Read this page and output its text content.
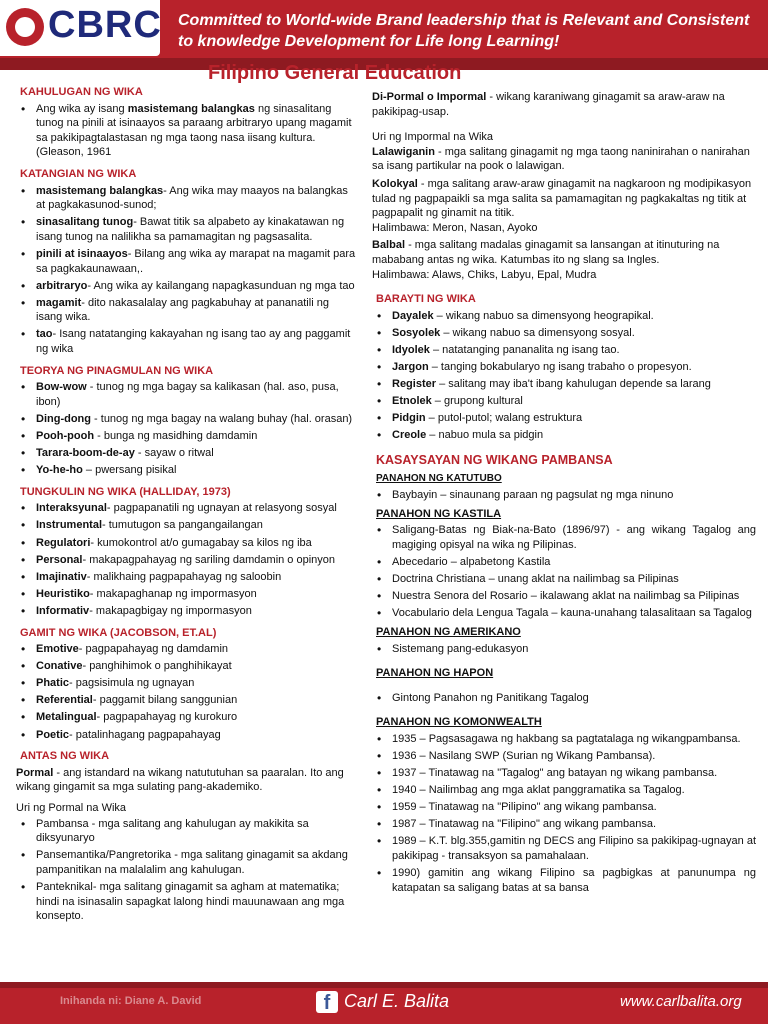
CBRC Committed to World-wide Brand leadership that is Relevant and Consistent
to knowledge Development for Life long Learning!
Filipino General Education
KAHULUGAN NG WIKA
• Ang wika ay isang masistemang balangkas ng sinasalitang tunog na pinili at isinaayos sa paraang arbitraryo upang magamit sa pakikipagtalastasan ng mga taong nasa iisang kultura. (Gleason, 1961
KATANGIAN NG WIKA
• masistemang balangkas- Ang wika may maayos na balangkas at pagkakasunod-sunod;
• sinasalitang tunog- Bawat titik sa alpabeto ay kinakatawan ng isang tunog na nalilikha sa pamamagitan ng pagsasalita.
• pinili at isinaayos- Bilang ang wika ay marapat na magamit para sa pagkakaunawaan,.
• arbitraryo- Ang wika ay kailangang napagkasunduan ng mga tao
• magamit- dito nakasalalay ang pagkabuhay at pananatili ng isang wika.
• tao- Isang natatanging kakayahan ng isang tao ay ang paggamit ng wika
TEORYA NG PINAGMULAN NG WIKA
• Bow-wow - tunog ng mga bagay sa kalikasan (hal. aso, pusa, ibon)
• Ding-dong - tunog ng mga bagay na walang buhay (hal. orasan)
• Pooh-pooh - bunga ng masidhing damdamin
• Tarara-boom-de-ay - sayaw o ritwal
• Yo-he-ho – pwersang pisikal
TUNGKULIN NG WIKA (HALLIDAY, 1973)
• Interaksyunal- pagpapanatili ng ugnayan at relasyong sosyal
• Instrumental- tumutugon sa pangangailangan
• Regulatori- kumokontrol at/o gumagabay sa kilos ng iba
• Personal- makapagpahayag ng sariling damdamin o opinyon
• Imajinativ- malikhaing pagpapahayag ng saloobin
• Heuristiko- makapaghanap ng impormasyon
• Informativ- makapagbigay ng impormasyon
GAMIT NG WIKA (JACOBSON, ET.AL)
• Emotive- pagpapahayag ng damdamin
• Conative- panghihimok o panghihikayat
• Phatic- pagsisimula ng ugnayan
• Referential- paggamit bilang sanggunian
• Metalingual- pagpapahayag ng kurokuro
• Poetic- patalinhagang pagpapahayag
ANTAS NG WIKA

Pormal - ang istandard na wikang natututuhan sa paaralan. Ito ang wikang gingamit sa mga sulating pang-akademiko.

Uri ng Pormal na Wika
• Pambansa - mga salitang ang kahulugan ay makikita sa diksyunaryo
• Pansemantika/Pangretorika - mga salitang ginagamit sa akdang pampanitikan na malalalim ang kahulugan.
• Panteknikal- mga salitang ginagamit sa agham at matematika; hindi na isinasalin sapagkat lalong hindi mauunawaan ang mga konsepto.

Di-Pormal o Impormal - wikang karaniwang ginagamit sa araw-araw na pakikipag-usap.

Uri ng Impormal na Wika

Lalawiganin - mga salitang ginagamit ng mga taong naninirahan o nanirahan sa isang partikular na pook o lalawigan.

Kolokyal - mga salitang araw-araw ginagamit na nagkaroon ng modipikasyon tulad ng pagpapaikli sa mga salita sa pamamagitan ng pagkakaltas ng titik at pagpapalit ng ginamit na titik.

Halimbawa: Meron, Nasan, Ayoko

Balbal - mga salitang madalas ginagamit sa lansangan at itinuturing na mababang antas ng wika. Katumbas ito ng slang sa Ingles.

Halimbawa: Alaws, Chiks, Labyu, Epal, Mudra

BARAYTI NG WIKA
• Dayalek – wikang nabuo sa dimensyong heograpikal.
• Sosyolek – wikang nabuo sa dimensyong sosyal.
• Idyolek – natatanging pananalita ng isang tao.
• Jargon – tanging bokabularyo ng isang trabaho o propesyon.
• Register – salitang may iba't ibang kahulugan depende sa larang
• Etnolek – grupong kultural
• Pidgin – putol-putol; walang estruktura
• Creole – nabuo mula sa pidgin
KASAYSAYAN NG WIKANG PAMBANSA
PANAHON NG KATUTUBO
• Baybayin – sinaunang paraan ng pagsulat ng mga ninuno
PANAHON NG KASTILA
• Saligang-Batas ng Biak-na-Bato (1896/97) - ang wikang Tagalog ang magiging opisyal na wika ng Pilipinas.
• Abecedario – alpabetong Kastila
• Doctrina Christiana – unang aklat na nailimbag sa Pilipinas
• Nuestra Senora del Rosario – ikalawang aklat na nailimbag sa Pilipinas
• Vocabulario dela Lengua Tagala – kauna-unahang talasalitaan sa Tagalog
PANAHON NG AMERIKANO
• Sistemang pang-edukasyon
PANAHON NG HAPON
• Gintong Panahon ng Panitikang Tagalog
PANAHON NG KOMONWEALTH
• 1935 – Pagsasagawa ng hakbang sa pagtatalaga ng wikangpambansa.
• 1936 – Nasilang SWP (Surian ng Wikang Pambansa).
• 1937 – Tinatawag na "Tagalog" ang batayan ng wikang pambansa.
• 1940 – Nailimbag ang mga aklat panggramatika sa Tagalog.
• 1959 – Tinatawag na "Pilipino" ang wikang pambansa.
• 1987 – Tinatawag na "Filipino" ang wikang pambansa.
• 1989 – K.T. blg.355,gamitin ng DECS ang Filipino sa pakikipag-ugnayan at pakikipag - transaksyon sa pamahalaan.
• 1990) gamitin ang wikang Filipino sa pagbigkas at panunumpa ng katapatan sa saligang batas at sa bansa
Inihanda ni: Diane A. David	f Carl E. Balita	www.carlbalita.org
